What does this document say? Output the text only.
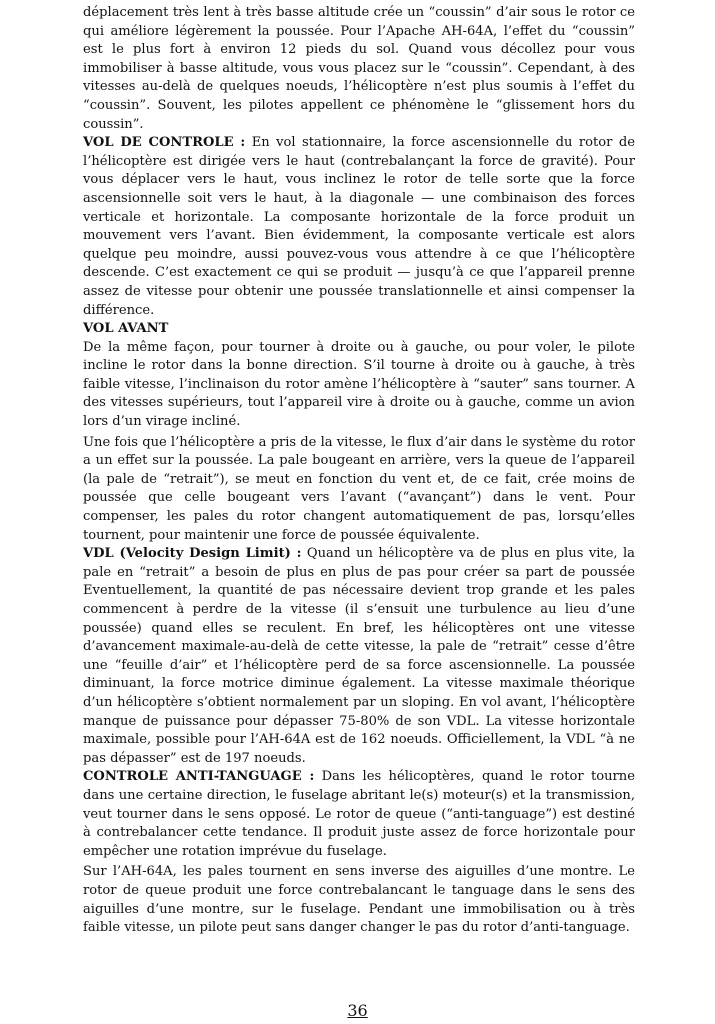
déplacement très lent à très basse altitude crée un “coussin” d’air sous le rotor ce qui améliore légèrement la poussée. Pour l’Apache AH-64A, l’effet du “coussin” est le plus fort à environ 12 pieds du sol. Quand vous décollez pour vous immobiliser à basse altitude, vous vous placez sur le “coussin”. Cependant, à des vitesses au-delà de quelques noeuds, l’hélicoptère n’est plus soumis à l’effet du “coussin”. Souvent, les pilotes appellent ce phénomène le “glissement hors du coussin”.

VOL DE CONTROLE : En vol stationnaire, la force ascensionnelle du rotor de l’hélicoptère est dirigée vers le haut (contrebalançant la force de gravité). Pour vous déplacer vers le haut, vous inclinez le rotor de telle sorte que la force ascensionnelle soit vers le haut, à la diagonale — une combinaison des forces verticale et horizontale. La composante horizontale de la force produit un mouvement vers l’avant. Bien évidemment, la composante verticale est alors quelque peu moindre, aussi pouvez-vous vous attendre à ce que l’hélicoptère descende. C’est exactement ce qui se produit — jusqu’à ce que l’appareil prenne assez de vitesse pour obtenir une poussée translationnelle et ainsi compenser la différence.

VOL AVANT

De la même façon, pour tourner à droite ou à gauche, ou pour voler, le pilote incline le rotor dans la bonne direction. S’il tourne à droite ou à gauche, à très faible vitesse, l’inclinaison du rotor amène l’hélicoptère à “sauter” sans tourner. A des vitesses supérieurs, tout l’appareil vire à droite ou à gauche, comme un avion lors d’un virage incliné.

Une fois que l’hélicoptère a pris de la vitesse, le flux d’air dans le système du rotor a un effet sur la poussée. La pale bougeant en arrière, vers la queue de l’appareil (la pale de “retrait”), se meut en fonction du vent et, de ce fait, crée moins de poussée que celle bougeant vers l’avant (“avançant”) dans le vent. Pour compenser, les pales du rotor changent automatiquement de pas, lorsqu’elles tournent, pour maintenir une force de poussée équivalente.

VDL (Velocity Design Limit) : Quand un hélicoptère va de plus en plus vite, la pale en “retrait” a besoin de plus en plus de pas pour créer sa part de poussée Eventuellement, la quantité de pas nécessaire devient trop grande et les pales commencent à perdre de la vitesse (il s’ensuit une turbulence au lieu d’une poussée) quand elles se reculent. En bref, les hélicoptères ont une vitesse d’avancement maximale-au-delà de cette vitesse, la pale de “retrait” cesse d’être une “feuille d’air” et l’hélicoptère perd de sa force ascensionnelle. La poussée diminuant, la force motrice diminue également. La vitesse maximale théorique d’un hélicoptère s’obtient normalement par un sloping. En vol avant, l’hélicoptère manque de puissance pour dépasser 75-80% de son VDL. La vitesse horizontale maximale, possible pour l’AH-64A est de 162 noeuds. Officiellement, la VDL “à ne pas dépasser” est de 197 noeuds.

CONTROLE ANTI-TANGUAGE : Dans les hélicoptères, quand le rotor tourne dans une certaine direction, le fuselage abritant le(s) moteur(s) et la transmission, veut tourner dans le sens opposé. Le rotor de queue (“anti-tanguage”) est destiné à contrebalancer cette tendance. Il produit juste assez de force horizontale pour empêcher une rotation imprévue du fuselage.

Sur l’AH-64A, les pales tournent en sens inverse des aiguilles d’une montre. Le rotor de queue produit une force contrebalancant le tanguage dans le sens des aiguilles d’une montre, sur le fuselage. Pendant une immobilisation ou à très faible vitesse, un pilote peut sans danger changer le pas du rotor d’anti-tanguage.

36
